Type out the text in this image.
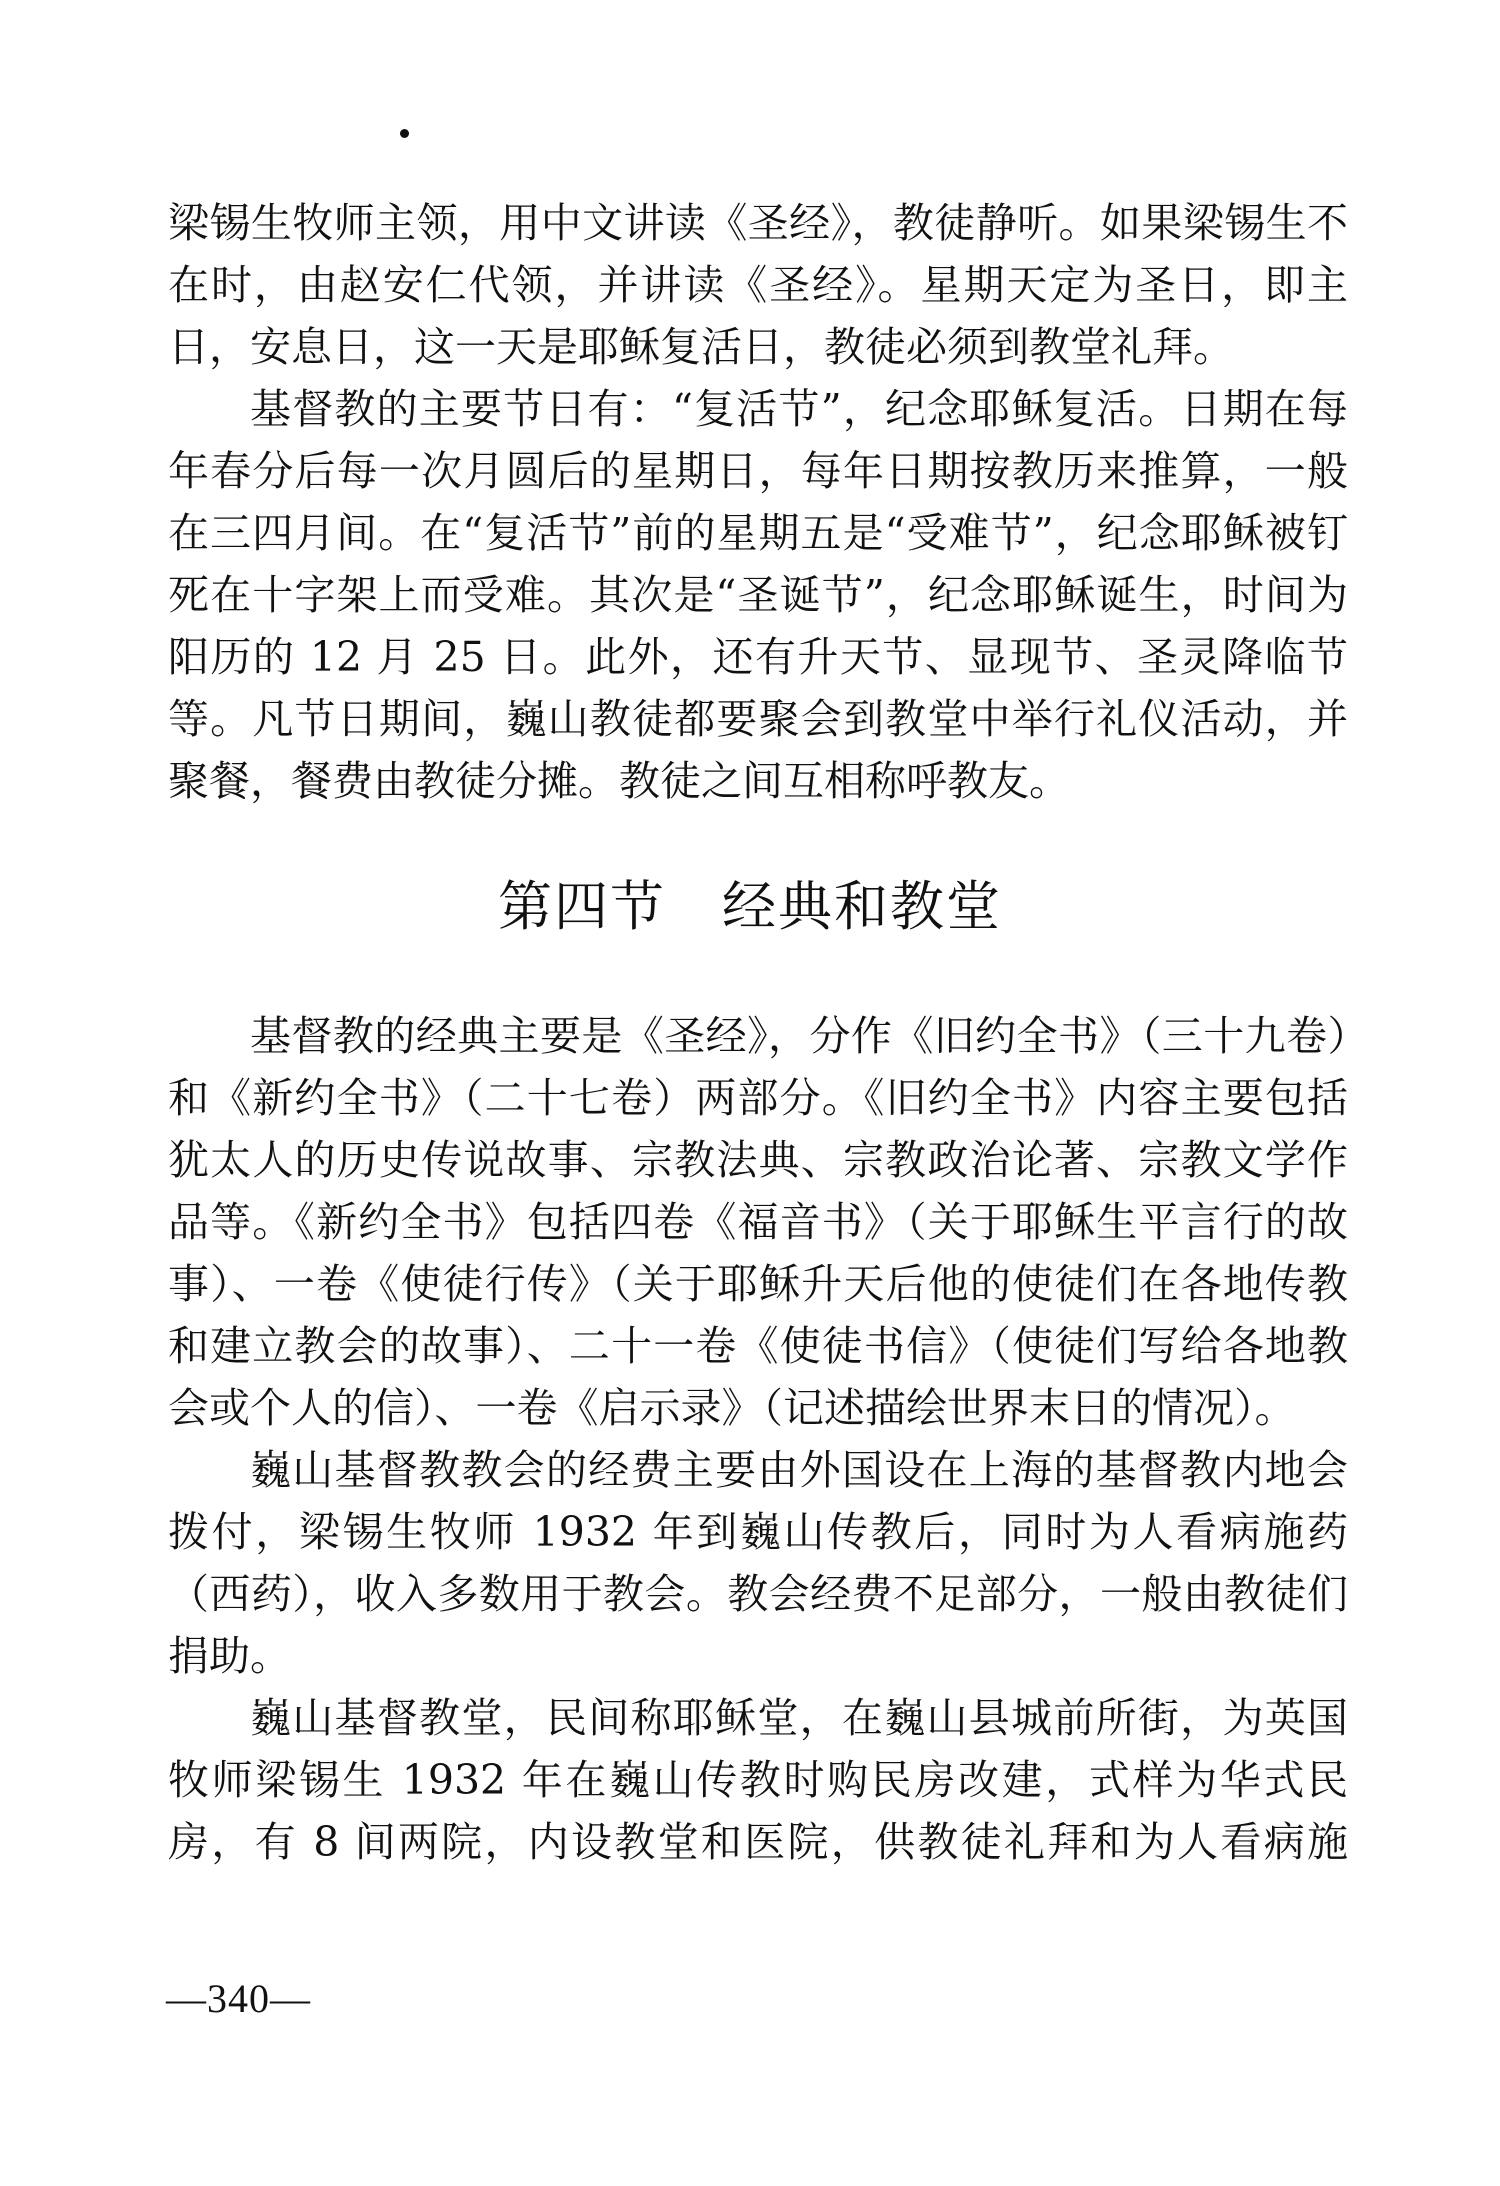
梁锡生牧师主领，用中文讲读《圣经》，教徒静听。如果梁锡生不在时，由赵安仁代领，并讲读《圣经》。星期天定为圣日，即主日，安息日，这一天是耶稣复活日，教徒必须到教堂礼拜。

基督教的主要节日有：“复活节”，纪念耶稣复活。日期在每年春分后每一次月圆后的星期日，每年日期按教历来推算，一般在三四月间。在“复活节”前的星期五是“受难节”，纪念耶稣被钉死在十字架上而受难。其次是“圣诞节”，纪念耶稣诞生，时间为阳历的 12 月 25 日。此外，还有升天节、显现节、圣灵降临节等。凡节日期间，巍山教徒都要聚会到教堂中举行礼仪活动，并聚餐，餐费由教徒分摊。教徒之间互相称呼教友。

第四节　经典和教堂

基督教的经典主要是《圣经》，分作《旧约全书》（三十九卷）和《新约全书》（二十七卷）两部分。《旧约全书》内容主要包括犹太人的历史传说故事、宗教法典、宗教政治论著、宗教文学作品等。《新约全书》包括四卷《福音书》（关于耶稣生平言行的故事）、一卷《使徒行传》（关于耶稣升天后他的使徒们在各地传教和建立教会的故事）、二十一卷《使徒书信》（使徒们写给各地教会或个人的信）、一卷《启示录》（记述描绘世界末日的情况）。

巍山基督教教会的经费主要由外国设在上海的基督教内地会拨付，梁锡生牧师 1932 年到巍山传教后，同时为人看病施药（西药），收入多数用于教会。教会经费不足部分，一般由教徒们捐助。

巍山基督教堂，民间称耶稣堂，在巍山县城前所街，为英国牧师梁锡生 1932 年在巍山传教时购民房改建，式样为华式民房，有 8 间两院，内设教堂和医院，供教徒礼拜和为人看病施

—340—
